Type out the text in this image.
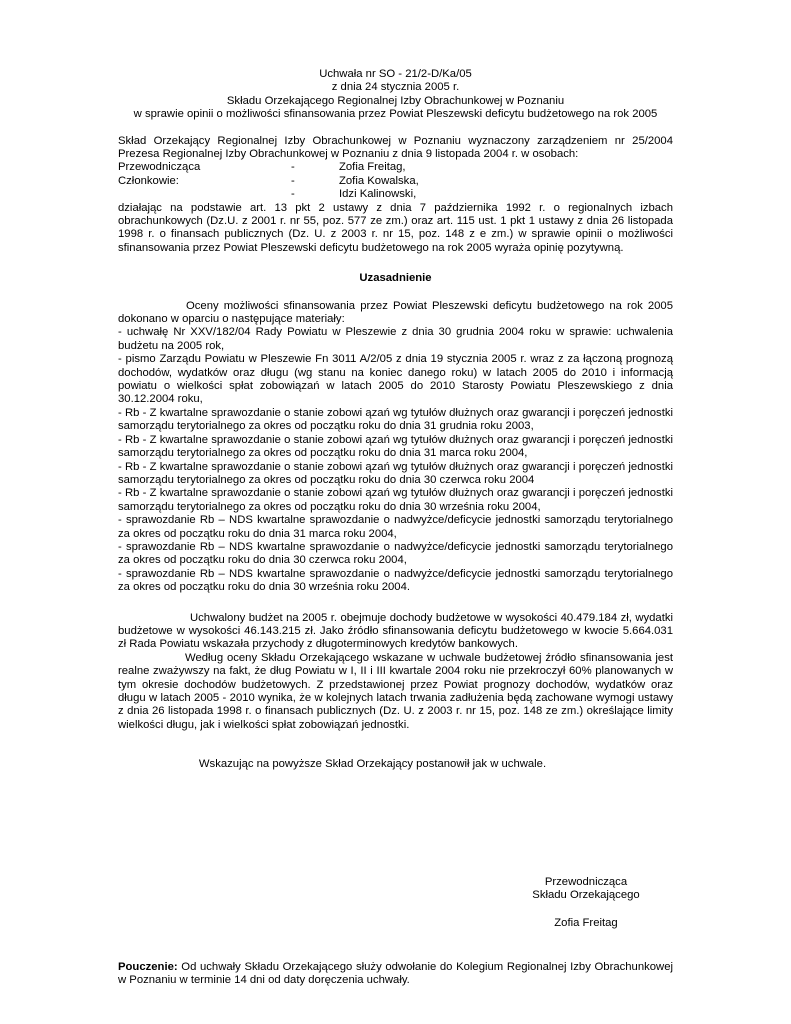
Uchwała nr SO - 21/2-D/Ka/05

z dnia 24 stycznia 2005 r.

Składu Orzekającego Regionalnej Izby Obrachunkowej w Poznaniu

w sprawie opinii o możliwości sfinansowania przez Powiat Pleszewski deficytu budżetowego na rok 2005

Skład Orzekający Regionalnej Izby Obrachunkowej w Poznaniu wyznaczony zarządzeniem nr 25/2004 Prezesa Regionalnej Izby Obrachunkowej w Poznaniu z dnia 9 listopada 2004 r. w osobach:

Przewodnicząca	-	Zofia Freitag,
Członkowie:	-	Zofia Kowalska,
-	Idzi Kalinowski,

działając na podstawie art. 13 pkt 2 ustawy z dnia 7 października 1992 r. o regionalnych izbach obrachunkowych (Dz.U. z 2001 r. nr 55, poz. 577 ze zm.) oraz art. 115 ust. 1 pkt 1 ustawy z dnia 26 listopada 1998 r. o finansach publicznych (Dz. U. z 2003 r. nr 15, poz. 148 z e zm.) w sprawie opinii o możliwości sfinansowania przez Powiat Pleszewski deficytu budżetowego na rok 2005 wyraża opinię pozytywną.

Uzasadnienie

Oceny możliwości sfinansowania przez Powiat Pleszewski deficytu budżetowego na rok 2005 dokonano w oparciu o następujące materiały:

- uchwałę Nr XXV/182/04 Rady Powiatu w Pleszewie z dnia 30 grudnia 2004 roku w sprawie: uchwalenia budżetu na 2005 rok,

- pismo Zarządu Powiatu w Pleszewie Fn 3011 A/2/05 z dnia 19 stycznia 2005 r. wraz z za łączoną prognozą dochodów, wydatków oraz długu (wg stanu na koniec danego roku) w latach 2005 do 2010 i informacją powiatu o wielkości spłat zobowiązań w latach 2005 do 2010 Starosty Powiatu Pleszewskiego z dnia 30.12.2004 roku,

- Rb - Z kwartalne sprawozdanie o stanie zobowi ązań wg tytułów dłużnych oraz gwarancji i poręczeń jednostki samorządu terytorialnego za okres od początku roku do dnia 31 grudnia roku 2003,

- Rb - Z kwartalne sprawozdanie o stanie zobowi ązań wg tytułów dłużnych oraz gwarancji i poręczeń jednostki samorządu terytorialnego za okres od początku roku do dnia 31 marca roku 2004,

- Rb - Z kwartalne sprawozdanie o stanie zobowi ązań wg tytułów dłużnych oraz gwarancji i poręczeń jednostki samorządu terytorialnego za okres od początku roku do dnia 30 czerwca roku 2004

- Rb - Z kwartalne sprawozdanie o stanie zobowi ązań wg tytułów dłużnych oraz gwarancji i poręczeń jednostki samorządu terytorialnego za okres od początku roku do dnia 30 września roku 2004,

- sprawozdanie Rb – NDS kwartalne sprawozdanie o nadwyżce/deficycie jednostki samorządu terytorialnego za okres od początku roku do dnia 31 marca roku 2004,

- sprawozdanie Rb – NDS kwartalne sprawozdanie o nadwyżce/deficycie jednostki samorządu terytorialnego za okres od początku roku do dnia 30 czerwca roku 2004,

- sprawozdanie Rb – NDS kwartalne sprawozdanie o nadwyżce/deficycie jednostki samorządu terytorialnego za okres od początku roku do dnia 30 września roku 2004.

Uchwalony budżet na 2005 r. obejmuje dochody budżetowe w wysokości 40.479.184 zł, wydatki budżetowe w wysokości 46.143.215 zł. Jako źródło sfinansowania deficytu budżetowego w kwocie 5.664.031 zł Rada Powiatu wskazała przychody z długoterminowych kredytów bankowych.

Według oceny Składu Orzekającego wskazane w uchwale budżetowej źródło sfinansowania jest realne zważywszy na fakt, że dług Powiatu w I, II i III kwartale 2004 roku nie przekroczył 60% planowanych w tym okresie dochodów budżetowych. Z przedstawionej przez Powiat prognozy dochodów, wydatków oraz długu w latach 2005 - 2010 wynika, że w kolejnych latach trwania zadłużenia będą zachowane wymogi ustawy z dnia 26 listopada 1998 r. o finansach publicznych (Dz. U. z 2003 r. nr 15, poz. 148 ze zm.) określające limity wielkości długu, jak i wielkości spłat zobowiązań jednostki.

Wskazując na powyższe Skład Orzekający postanowił jak w uchwale.

Przewodnicząca

Składu Orzekającego

Zofia Freitag

Pouczenie: Od uchwały Składu Orzekającego służy odwołanie do Kolegium Regionalnej Izby Obrachunkowej w Poznaniu w terminie 14 dni od daty doręczenia uchwały.
